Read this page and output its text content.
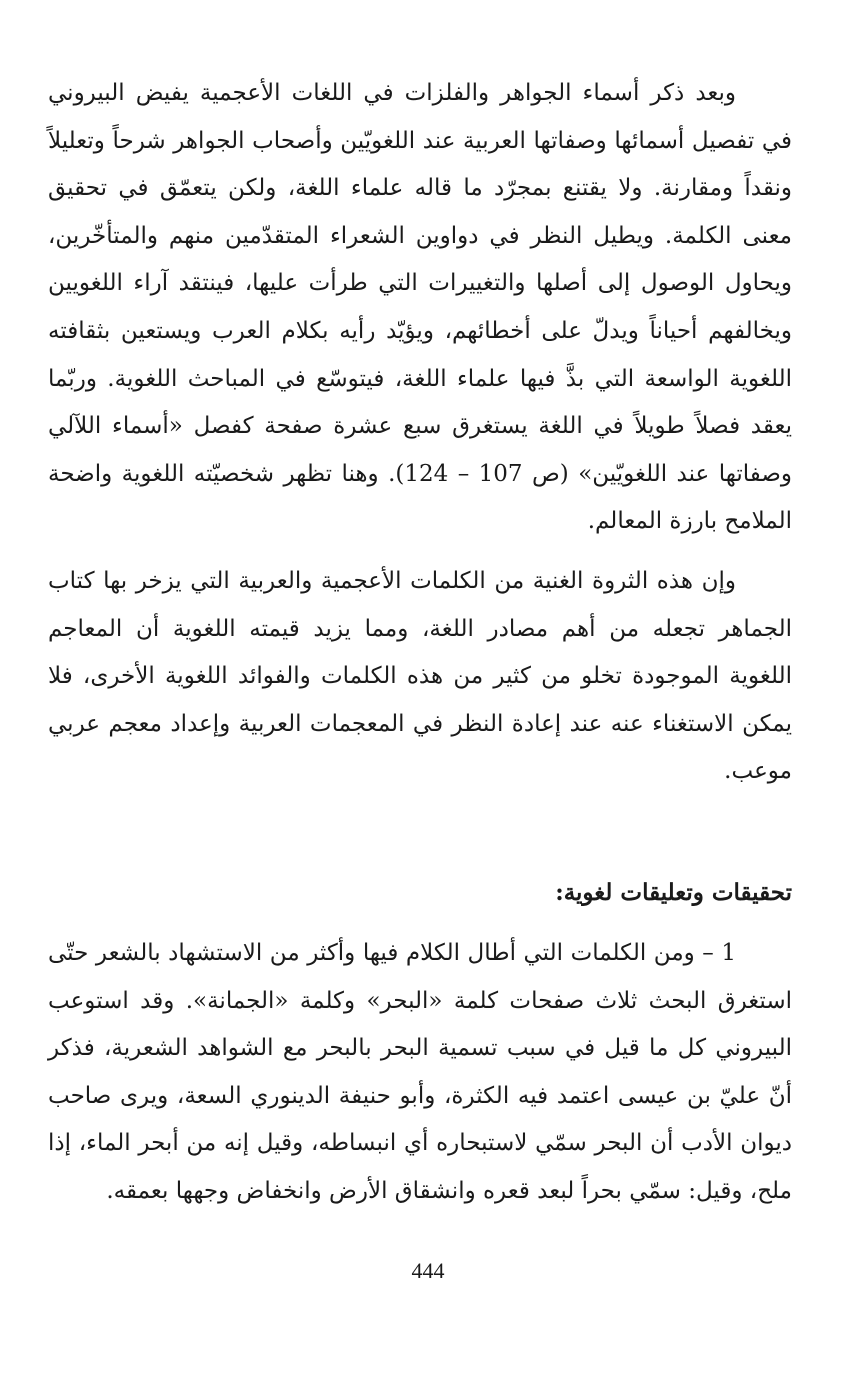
وبعد ذكر أسماء الجواهر والفلزات في اللغات الأعجمية يفيض البيروني في تفصيل أسمائها وصفاتها العربية عند اللغويّين وأصحاب الجواهر شرحاً وتعليلاً ونقداً ومقارنة. ولا يقتنع بمجرّد ما قاله علماء اللغة، ولكن يتعمّق في تحقيق معنى الكلمة. ويطيل النظر في دواوين الشعراء المتقدّمين منهم والمتأخّرين، ويحاول الوصول إلى أصلها والتغييرات التي طرأت عليها، فينتقد آراء اللغويين ويخالفهم أحياناً ويدلّ على أخطائهم، ويؤيّد رأيه بكلام العرب ويستعين بثقافته اللغوية الواسعة التي بذَّ فيها علماء اللغة، فيتوسّع في المباحث اللغوية. وربّما يعقد فصلاً طويلاً في اللغة يستغرق سبع عشرة صفحة كفصل «أسماء اللآلي وصفاتها عند اللغويّين» (ص 107 – 124). وهنا تظهر شخصيّته اللغوية واضحة الملامح بارزة المعالم.

وإن هذه الثروة الغنية من الكلمات الأعجمية والعربية التي يزخر بها كتاب الجماهر تجعله من أهم مصادر اللغة، ومما يزيد قيمته اللغوية أن المعاجم اللغوية الموجودة تخلو من كثير من هذه الكلمات والفوائد اللغوية الأخرى، فلا يمكن الاستغناء عنه عند إعادة النظر في المعجمات العربية وإعداد معجم عربي موعب.

تحقيقات وتعليقات لغوية:

1 – ومن الكلمات التي أطال الكلام فيها وأكثر من الاستشهاد بالشعر حتّى استغرق البحث ثلاث صفحات كلمة «البحر» وكلمة «الجمانة». وقد استوعب البيروني كل ما قيل في سبب تسمية البحر بالبحر مع الشواهد الشعرية، فذكر أنّ عليّ بن عيسى اعتمد فيه الكثرة، وأبو حنيفة الدينوري السعة، ويرى صاحب ديوان الأدب أن البحر سمّي لاستبحاره أي انبساطه، وقيل إنه من أبحر الماء، إذا ملح، وقيل: سمّي بحراً لبعد قعره وانشقاق الأرض وانخفاض وجهها بعمقه.

444
